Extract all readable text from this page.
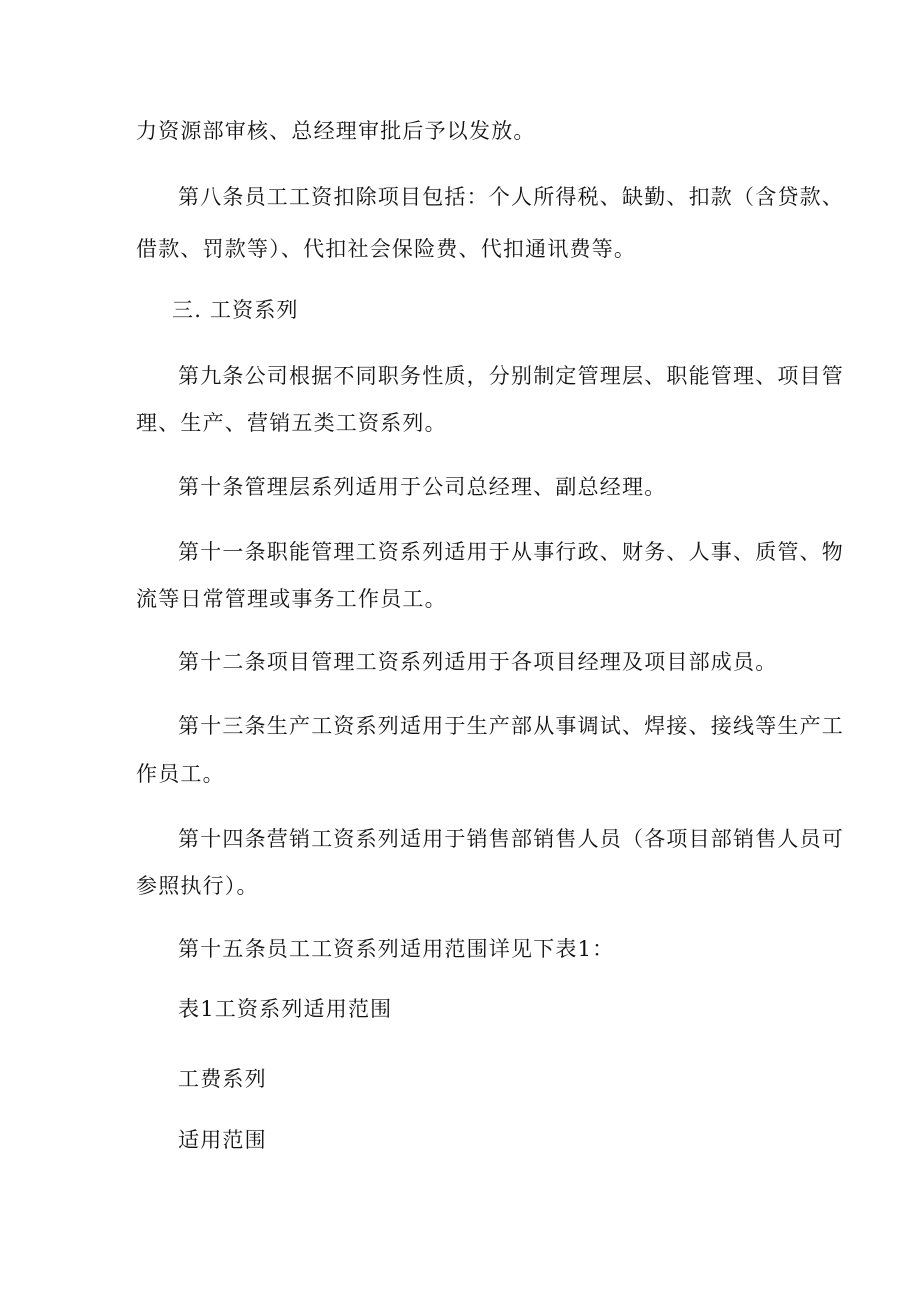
力资源部审核、总经理审批后予以发放。
第八条员工工资扣除项目包括：个人所得税、缺勤、扣款（含贷款、
借款、罚款等）、代扣社会保险费、代扣通讯费等。
三. 工资系列
第九条公司根据不同职务性质，分别制定管理层、职能管理、项目管
理、生产、营销五类工资系列。
第十条管理层系列适用于公司总经理、副总经理。
第十一条职能管理工资系列适用于从事行政、财务、人事、质管、物
流等日常管理或事务工作员工。
第十二条项目管理工资系列适用于各项目经理及项目部成员。
第十三条生产工资系列适用于生产部从事调试、焊接、接线等生产工
作员工。
第十四条营销工资系列适用于销售部销售人员（各项目部销售人员可
参照执行）。
第十五条员工工资系列适用范围详见下表1：
表1工资系列适用范围
工费系列
适用范围
